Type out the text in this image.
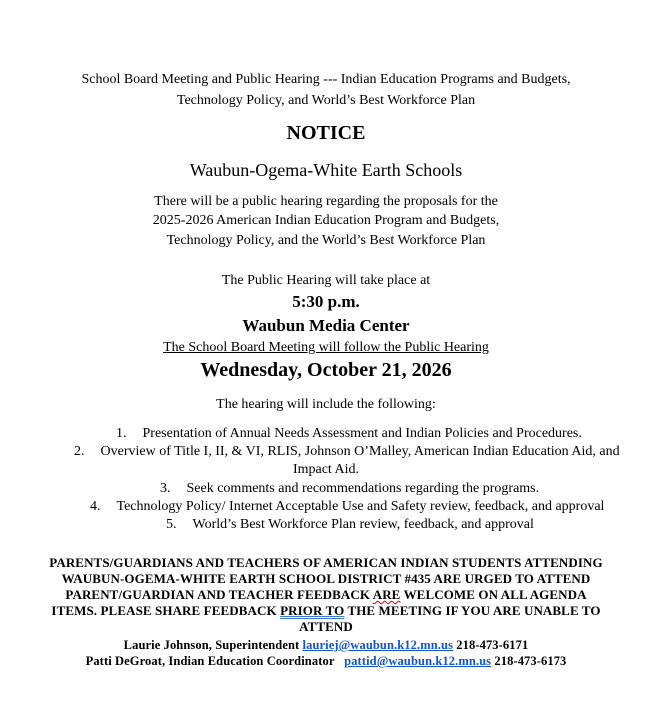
School Board Meeting and Public Hearing --- Indian Education Programs and Budgets,
Technology Policy, and World’s Best Workforce Plan
NOTICE
Waubun-Ogema-White Earth Schools
There will be a public hearing regarding the proposals for the
2025-2026 American Indian Education Program and Budgets,
Technology Policy, and the World’s Best Workforce Plan
The Public Hearing will take place at
5:30 p.m.
Waubun Media Center
The School Board Meeting will follow the Public Hearing
Wednesday, October 21, 2026
The hearing will include the following:
1. Presentation of Annual Needs Assessment and Indian Policies and Procedures.
2. Overview of Title I, II, & VI, RLIS, Johnson O’Malley, American Indian Education Aid, and
Impact Aid.
3. Seek comments and recommendations regarding the programs.
4. Technology Policy/ Internet Acceptable Use and Safety review, feedback, and approval
5. World’s Best Workforce Plan review, feedback, and approval
PARENTS/GUARDIANS AND TEACHERS OF AMERICAN INDIAN STUDENTS ATTENDING
WAUBUN-OGEMA-WHITE EARTH SCHOOL DISTRICT #435 ARE URGED TO ATTEND
PARENT/GUARDIAN AND TEACHER FEEDBACK ARE WELCOME ON ALL AGENDA
ITEMS. PLEASE SHARE FEEDBACK PRIOR TO THE MEETING IF YOU ARE UNABLE TO
ATTEND
Laurie Johnson, Superintendent lauriej@waubun.k12.mn.us 218-473-6171
Patti DeGroat, Indian Education Coordinator pattid@waubun.k12.mn.us 218-473-6173
